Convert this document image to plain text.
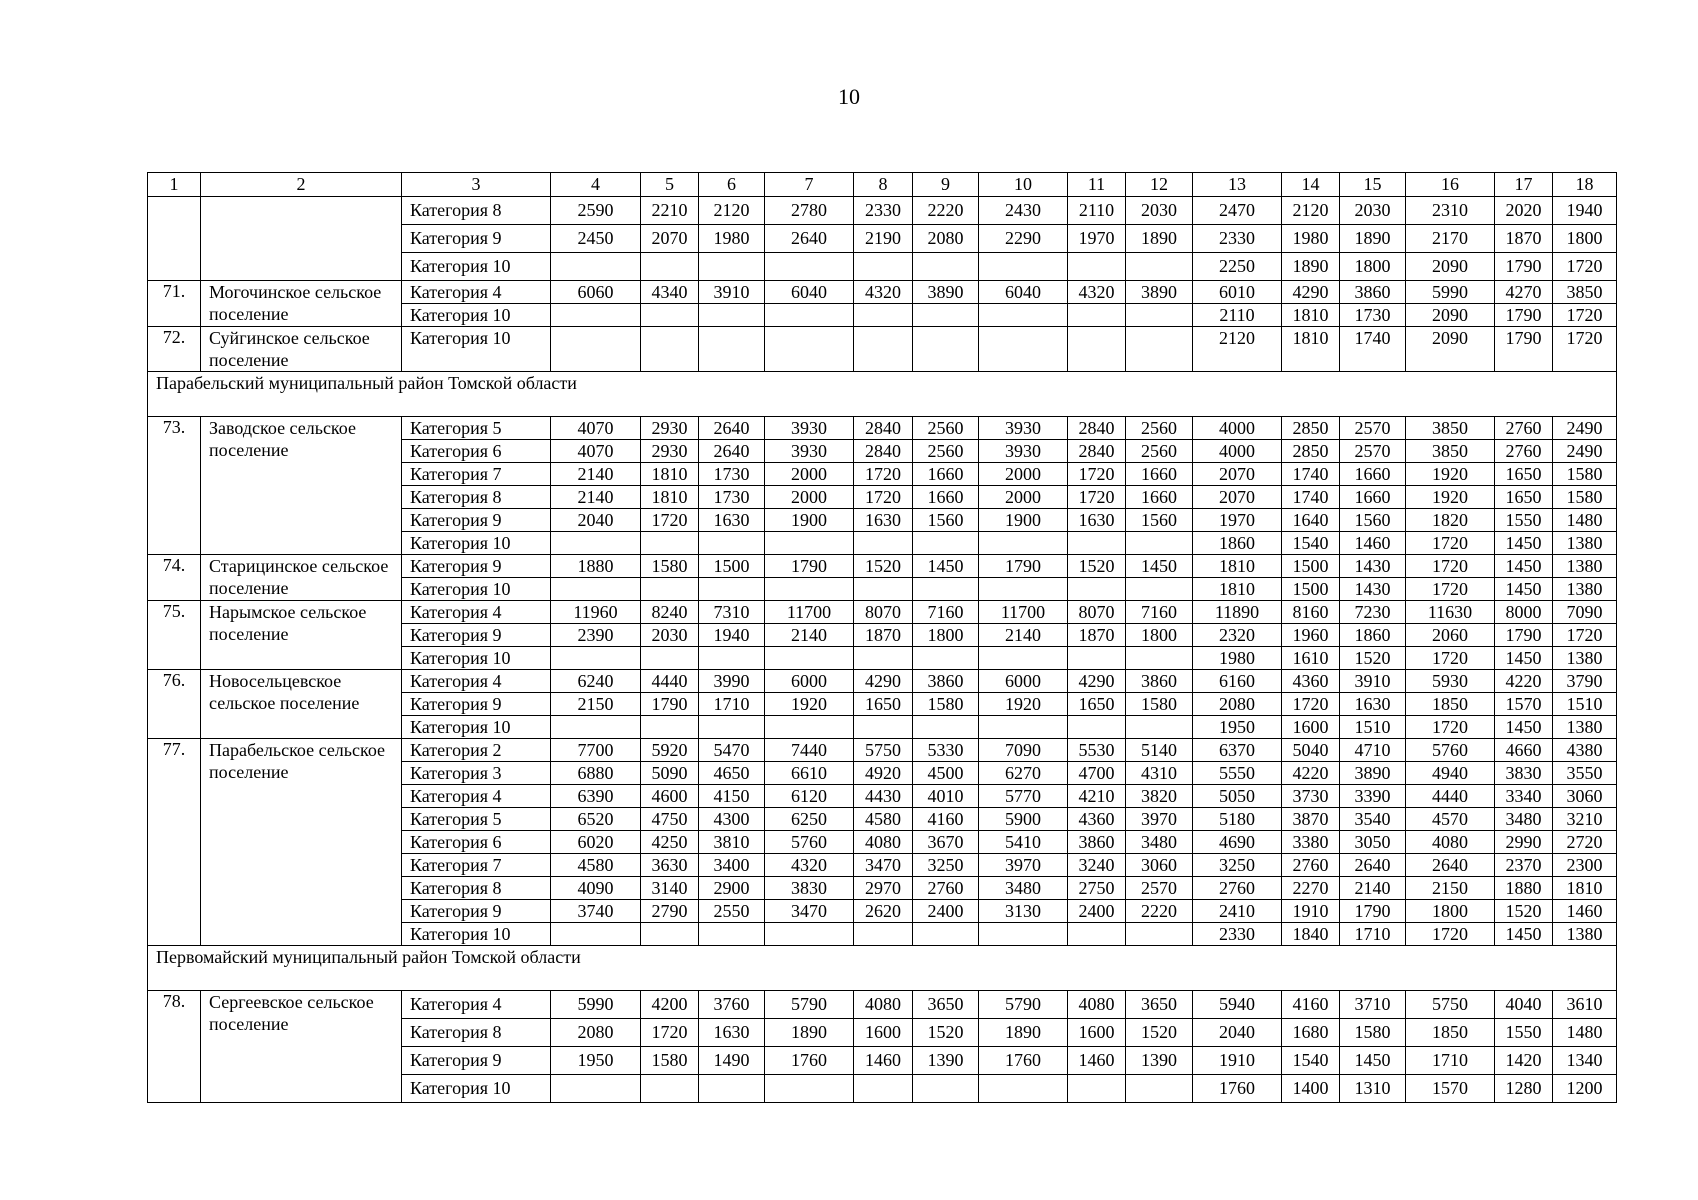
10
1	2	3	4	5	6	7	8	9	10	11	12	13	14	15	16	17	18
		Категория 8	2590	2210	2120	2780	2330	2220	2430	2110	2030	2470	2120	2030	2310	2020	1940
		Категория 9	2450	2070	1980	2640	2190	2080	2290	1970	1890	2330	1980	1890	2170	1870	1800
		Категория 10										2250	1890	1800	2090	1790	1720
71.	Могочинское сельское поселение	Категория 4	6060	4340	3910	6040	4320	3890	6040	4320	3890	6010	4290	3860	5990	4270	3850
		Категория 10										2110	1810	1730	2090	1790	1720
72.	Суйгинское сельское поселение	Категория 10										2120	1810	1740	2090	1790	1720
Парабельский муниципальный район Томской области																	
73.	Заводское сельское поселение	Категория 5	4070	2930	2640	3930	2840	2560	3930	2840	2560	4000	2850	2570	3850	2760	2490
		Категория 6	4070	2930	2640	3930	2840	2560	3930	2840	2560	4000	2850	2570	3850	2760	2490
		Категория 7	2140	1810	1730	2000	1720	1660	2000	1720	1660	2070	1740	1660	1920	1650	1580
		Категория 8	2140	1810	1730	2000	1720	1660	2000	1720	1660	2070	1740	1660	1920	1650	1580
		Категория 9	2040	1720	1630	1900	1630	1560	1900	1630	1560	1970	1640	1560	1820	1550	1480
		Категория 10										1860	1540	1460	1720	1450	1380
74.	Старицинское сельское поселение	Категория 9	1880	1580	1500	1790	1520	1450	1790	1520	1450	1810	1500	1430	1720	1450	1380
		Категория 10										1810	1500	1430	1720	1450	1380
75.	Нарымское сельское поселение	Категория 4	11960	8240	7310	11700	8070	7160	11700	8070	7160	11890	8160	7230	11630	8000	7090
		Категория 9	2390	2030	1940	2140	1870	1800	2140	1870	1800	2320	1960	1860	2060	1790	1720
		Категория 10										1980	1610	1520	1720	1450	1380
76.	Новосельцевское сельское поселение	Категория 4	6240	4440	3990	6000	4290	3860	6000	4290	3860	6160	4360	3910	5930	4220	3790
		Категория 9	2150	1790	1710	1920	1650	1580	1920	1650	1580	2080	1720	1630	1850	1570	1510
		Категория 10										1950	1600	1510	1720	1450	1380
77.	Парабельское сельское поселение	Категория 2	7700	5920	5470	7440	5750	5330	7090	5530	5140	6370	5040	4710	5760	4660	4380
		Категория 3	6880	5090	4650	6610	4920	4500	6270	4700	4310	5550	4220	3890	4940	3830	3550
		Категория 4	6390	4600	4150	6120	4430	4010	5770	4210	3820	5050	3730	3390	4440	3340	3060
		Категория 5	6520	4750	4300	6250	4580	4160	5900	4360	3970	5180	3870	3540	4570	3480	3210
		Категория 6	6020	4250	3810	5760	4080	3670	5410	3860	3480	4690	3380	3050	4080	2990	2720
		Категория 7	4580	3630	3400	4320	3470	3250	3970	3240	3060	3250	2760	2640	2640	2370	2300
		Категория 8	4090	3140	2900	3830	2970	2760	3480	2750	2570	2760	2270	2140	2150	1880	1810
		Категория 9	3740	2790	2550	3470	2620	2400	3130	2400	2220	2410	1910	1790	1800	1520	1460
		Категория 10										2330	1840	1710	1720	1450	1380
Первомайский муниципальный район Томской области																	
78.	Сергеевское сельское поселение	Категория 4	5990	4200	3760	5790	4080	3650	5790	4080	3650	5940	4160	3710	5750	4040	3610
		Категория 8	2080	1720	1630	1890	1600	1520	1890	1600	1520	2040	1680	1580	1850	1550	1480
		Категория 9	1950	1580	1490	1760	1460	1390	1760	1460	1390	1910	1540	1450	1710	1420	1340
		Категория 10										1760	1400	1310	1570	1280	1200
